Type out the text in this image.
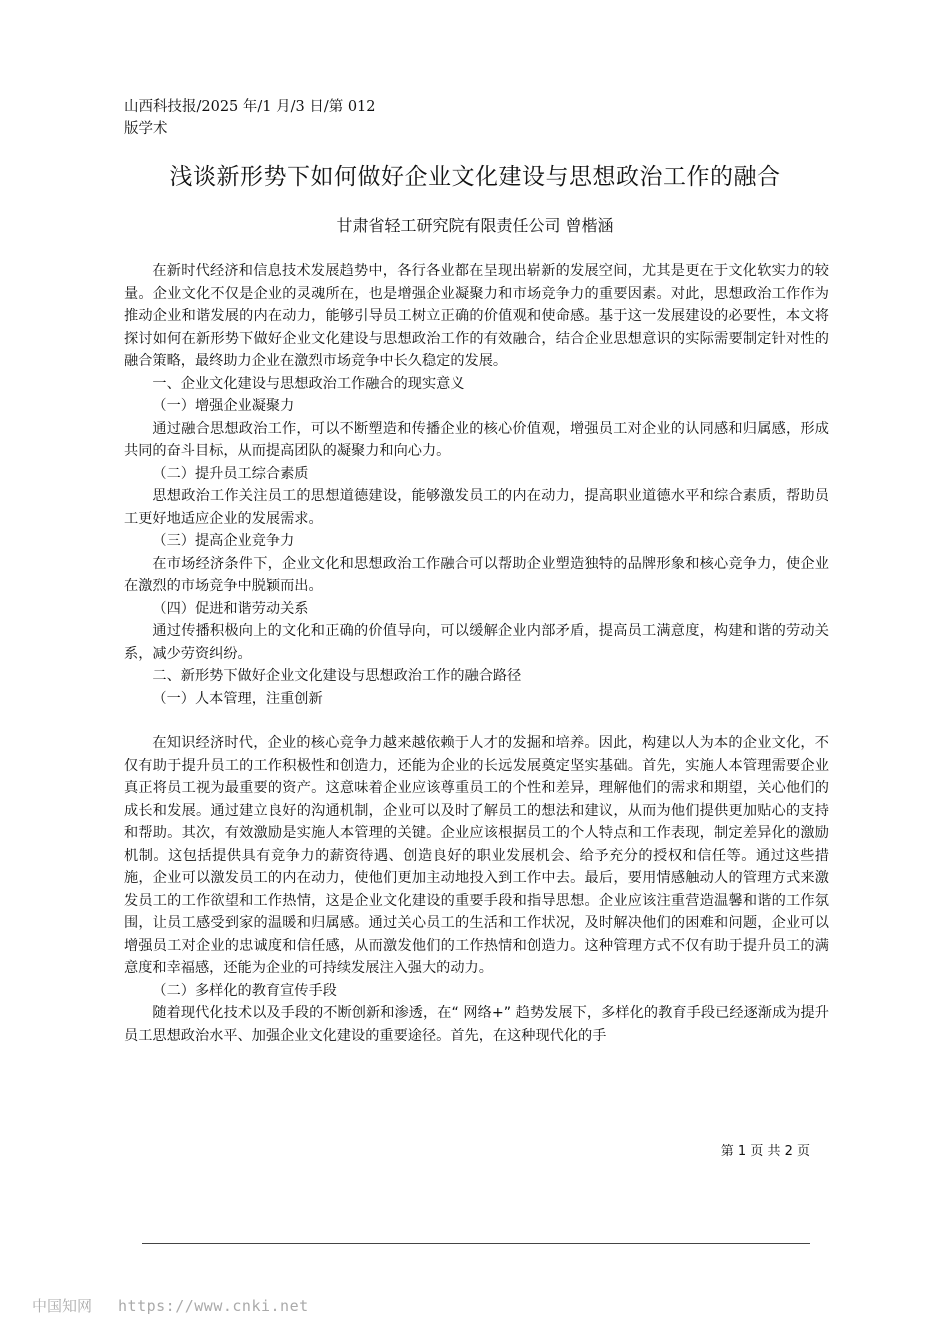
山西科技报/2025 年/1 月/3 日/第 012
版学术
浅谈新形势下如何做好企业文化建设与思想政治工作的融合
甘肃省轻工研究院有限责任公司 曾楷涵

在新时代经济和信息技术发展趋势中，各行各业都在呈现出崭新的发展空间，尤其是更在于文化软实力的较量。企业文化不仅是企业的灵魂所在，也是增强企业凝聚力和市场竞争力的重要因素。对此，思想政治工作作为推动企业和谐发展的内在动力，能够引导员工树立正确的价值观和使命感。基于这一发展建设的必要性，本文将探讨如何在新形势下做好企业文化建设与思想政治工作的有效融合，结合企业思想意识的实际需要制定针对性的融合策略，最终助力企业在激烈市场竞争中长久稳定的发展。

一、企业文化建设与思想政治工作融合的现实意义

（一）增强企业凝聚力

通过融合思想政治工作，可以不断塑造和传播企业的核心价值观，增强员工对企业的认同感和归属感，形成共同的奋斗目标，从而提高团队的凝聚力和向心力。

（二）提升员工综合素质

思想政治工作关注员工的思想道德建设，能够激发员工的内在动力，提高职业道德水平和综合素质，帮助员工更好地适应企业的发展需求。

（三）提高企业竞争力

在市场经济条件下，企业文化和思想政治工作融合可以帮助企业塑造独特的品牌形象和核心竞争力，使企业在激烈的市场竞争中脱颖而出。

（四）促进和谐劳动关系

通过传播积极向上的文化和正确的价值导向，可以缓解企业内部矛盾，提高员工满意度，构建和谐的劳动关系，减少劳资纠纷。

二、新形势下做好企业文化建设与思想政治工作的融合路径

（一）人本管理，注重创新

在知识经济时代，企业的核心竞争力越来越依赖于人才的发掘和培养。因此，构建以人为本的企业文化，不仅有助于提升员工的工作积极性和创造力，还能为企业的长远发展奠定坚实基础。首先，实施人本管理需要企业真正将员工视为最重要的资产。这意味着企业应该尊重员工的个性和差异，理解他们的需求和期望，关心他们的成长和发展。通过建立良好的沟通机制，企业可以及时了解员工的想法和建议，从而为他们提供更加贴心的支持和帮助。其次，有效激励是实施人本管理的关键。企业应该根据员工的个人特点和工作表现，制定差异化的激励机制。这包括提供具有竞争力的薪资待遇、创造良好的职业发展机会、给予充分的授权和信任等。通过这些措施，企业可以激发员工的内在动力，使他们更加主动地投入到工作中去。最后，要用情感触动人的管理方式来激发员工的工作欲望和工作热情，这是企业文化建设的重要手段和指导思想。企业应该注重营造温馨和谐的工作氛围，让员工感受到家的温暖和归属感。通过关心员工的生活和工作状况，及时解决他们的困难和问题，企业可以增强员工对企业的忠诚度和信任感，从而激发他们的工作热情和创造力。这种管理方式不仅有助于提升员工的满意度和幸福感，还能为企业的可持续发展注入强大的动力。

（二）多样化的教育宣传手段

随着现代化技术以及手段的不断创新和渗透，在“ 网络+” 趋势发展下，多样化的教育手段已经逐渐成为提升员工思想政治水平、加强企业文化建设的重要途径。首先，在这种现代化的手

第 1 页 共 2 页
中国知网 https://www.cnki.net
